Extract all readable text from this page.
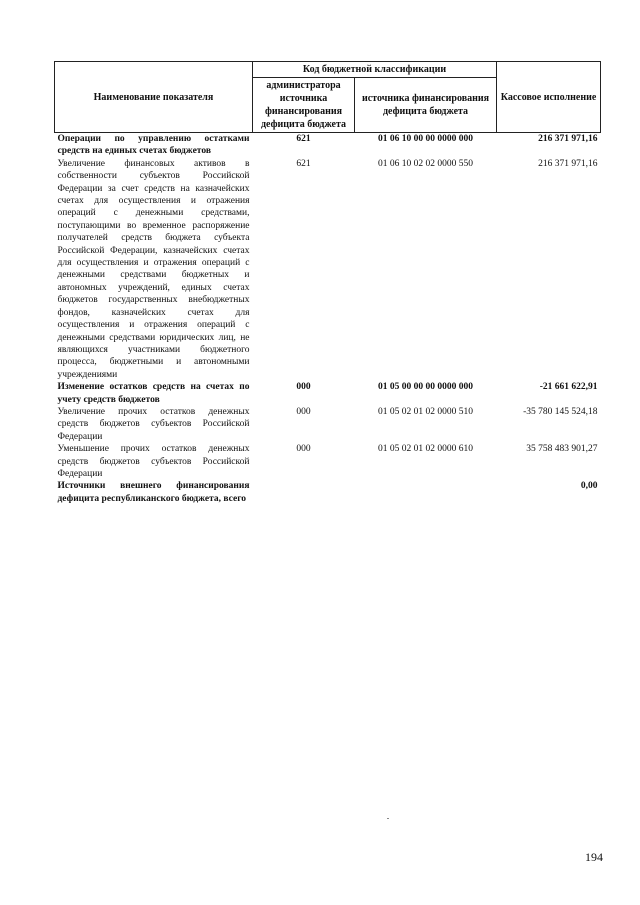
Наименование показателя	Код бюджетной классификации		Кассовое исполнение
	администратора источника финансирования дефицита бюджета	источника финансирования дефицита бюджета	
Операции по управлению остатками средств на единых счетах бюджетов	621	01 06 10 00 00 0000 000	216 371 971,16
Увеличение финансовых активов в собственности субъектов Российской Федерации за счет средств на казначейских счетах для осуществления и отражения операций с денежными средствами, поступающими во временное распоряжение получателей средств бюджета субъекта Российской Федерации, казначейских счетах для осуществления и отражения операций с денежными средствами бюджетных и автономных учреждений, единых счетах бюджетов государственных внебюджетных фондов, казначейских счетах для осуществления и отражения операций с денежными средствами юридических лиц, не являющихся участниками бюджетного процесса, бюджетными и автономными учреждениями	621	01 06 10 02 02 0000 550	216 371 971,16
Изменение остатков средств на счетах по учету средств бюджетов	000	01 05 00 00 00 0000 000	-21 661 622,91
Увеличение прочих остатков денежных средств бюджетов субъектов Российской Федерации	000	01 05 02 01 02 0000 510	-35 780 145 524,18
Уменьшение прочих остатков денежных средств бюджетов субъектов Российской Федерации	000	01 05 02 01 02 0000 610	35 758 483 901,27
Источники внешнего финансирования дефицита республиканского бюджета, всего			0,00
194
